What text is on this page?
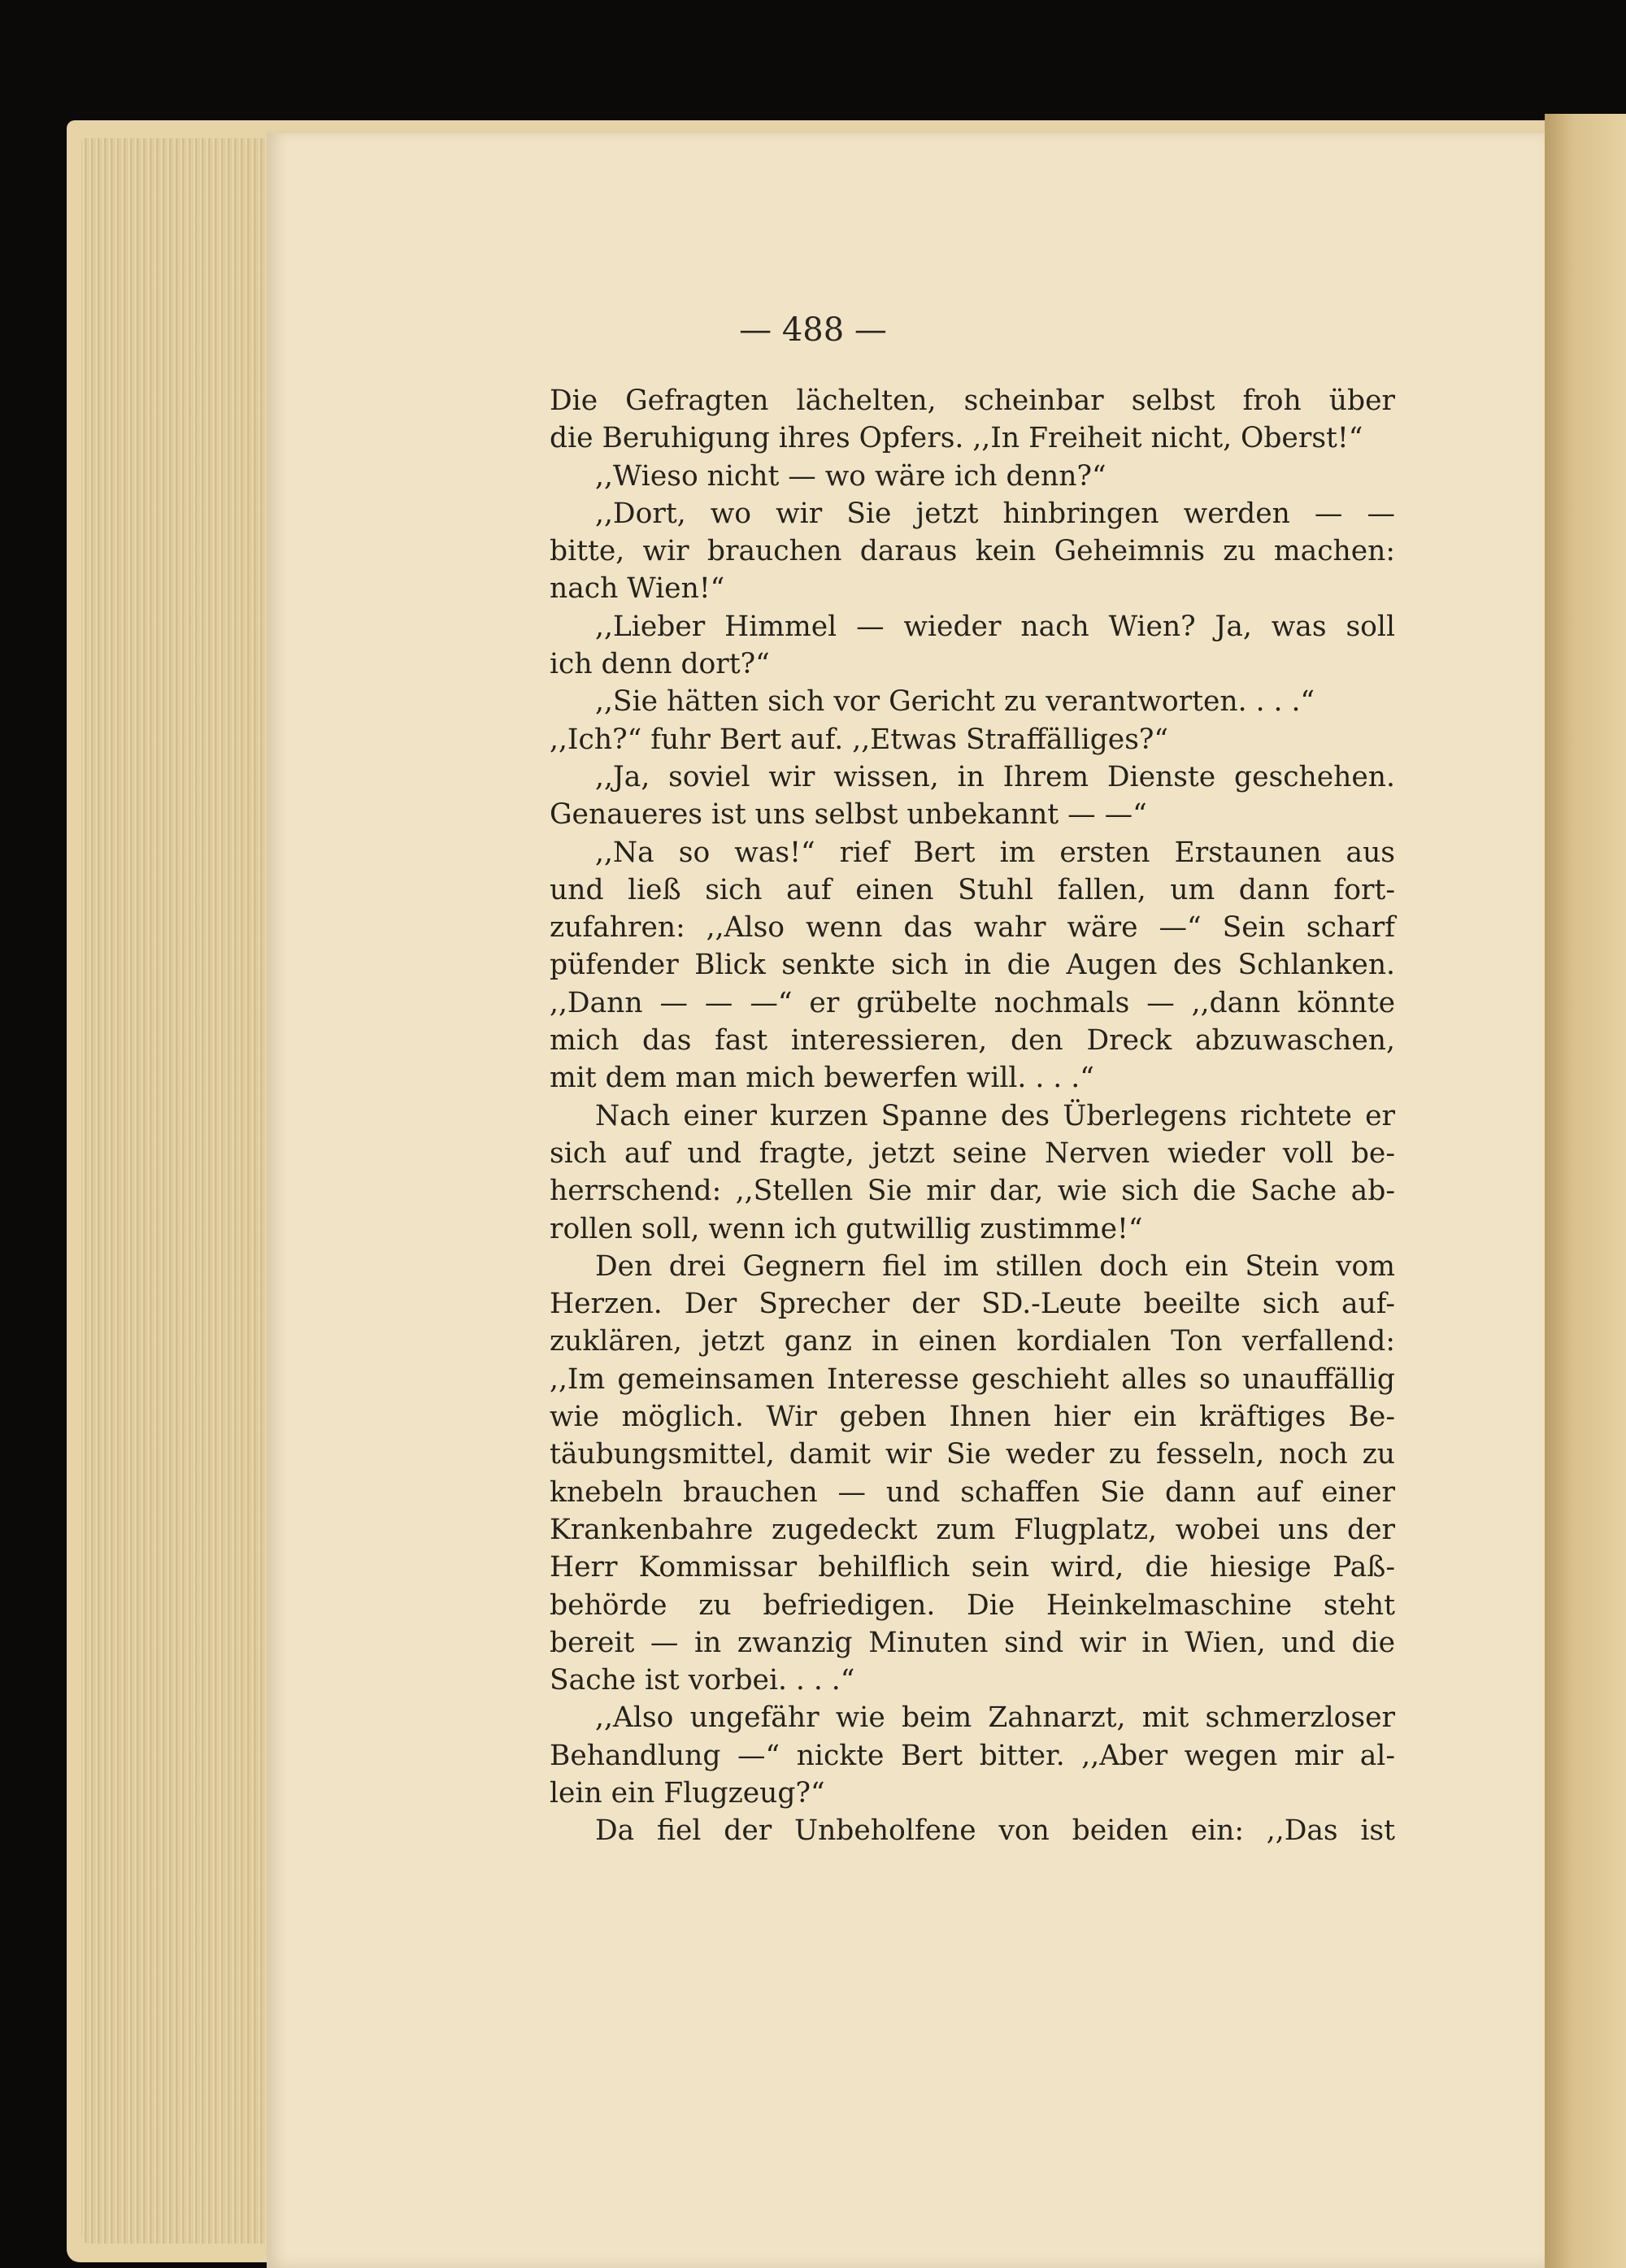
— 488 —
Die Gefragten lächelten, scheinbar selbst froh über
die Beruhigung ihres Opfers. ,,In Freiheit nicht, Oberst!“
,,Wieso nicht — wo wäre ich denn?“
,,Dort, wo wir Sie jetzt hinbringen werden — —
bitte, wir brauchen daraus kein Geheimnis zu machen:
nach Wien!“
,,Lieber Himmel — wieder nach Wien? Ja, was soll
ich denn dort?“
,,Sie hätten sich vor Gericht zu verantworten. . . .“
,,Ich?“ fuhr Bert auf. ,,Etwas Straffälliges?“
,,Ja, soviel wir wissen, in Ihrem Dienste geschehen.
Genaueres ist uns selbst unbekannt — —“
,,Na so was!“ rief Bert im ersten Erstaunen aus
und ließ sich auf einen Stuhl fallen, um dann fort-
zufahren: ,,Also wenn das wahr wäre —“ Sein scharf
püfender Blick senkte sich in die Augen des Schlanken.
,,Dann — — —“ er grübelte nochmals — ,,dann könnte
mich das fast interessieren, den Dreck abzuwaschen,
mit dem man mich bewerfen will. . . .“
Nach einer kurzen Spanne des Überlegens richtete er
sich auf und fragte, jetzt seine Nerven wieder voll be-
herrschend: ,,Stellen Sie mir dar, wie sich die Sache ab-
rollen soll, wenn ich gutwillig zustimme!“
Den drei Gegnern fiel im stillen doch ein Stein vom
Herzen. Der Sprecher der SD.-Leute beeilte sich auf-
zuklären, jetzt ganz in einen kordialen Ton verfallend:
,,Im gemeinsamen Interesse geschieht alles so unauffällig
wie möglich. Wir geben Ihnen hier ein kräftiges Be-
täubungsmittel, damit wir Sie weder zu fesseln, noch zu
knebeln brauchen — und schaffen Sie dann auf einer
Krankenbahre zugedeckt zum Flugplatz, wobei uns der
Herr Kommissar behilflich sein wird, die hiesige Paß-
behörde zu befriedigen. Die Heinkelmaschine steht
bereit — in zwanzig Minuten sind wir in Wien, und die
Sache ist vorbei. . . .“
,,Also ungefähr wie beim Zahnarzt, mit schmerzloser
Behandlung —“ nickte Bert bitter. ,,Aber wegen mir al-
lein ein Flugzeug?“
Da fiel der Unbeholfene von beiden ein: ,,Das ist
